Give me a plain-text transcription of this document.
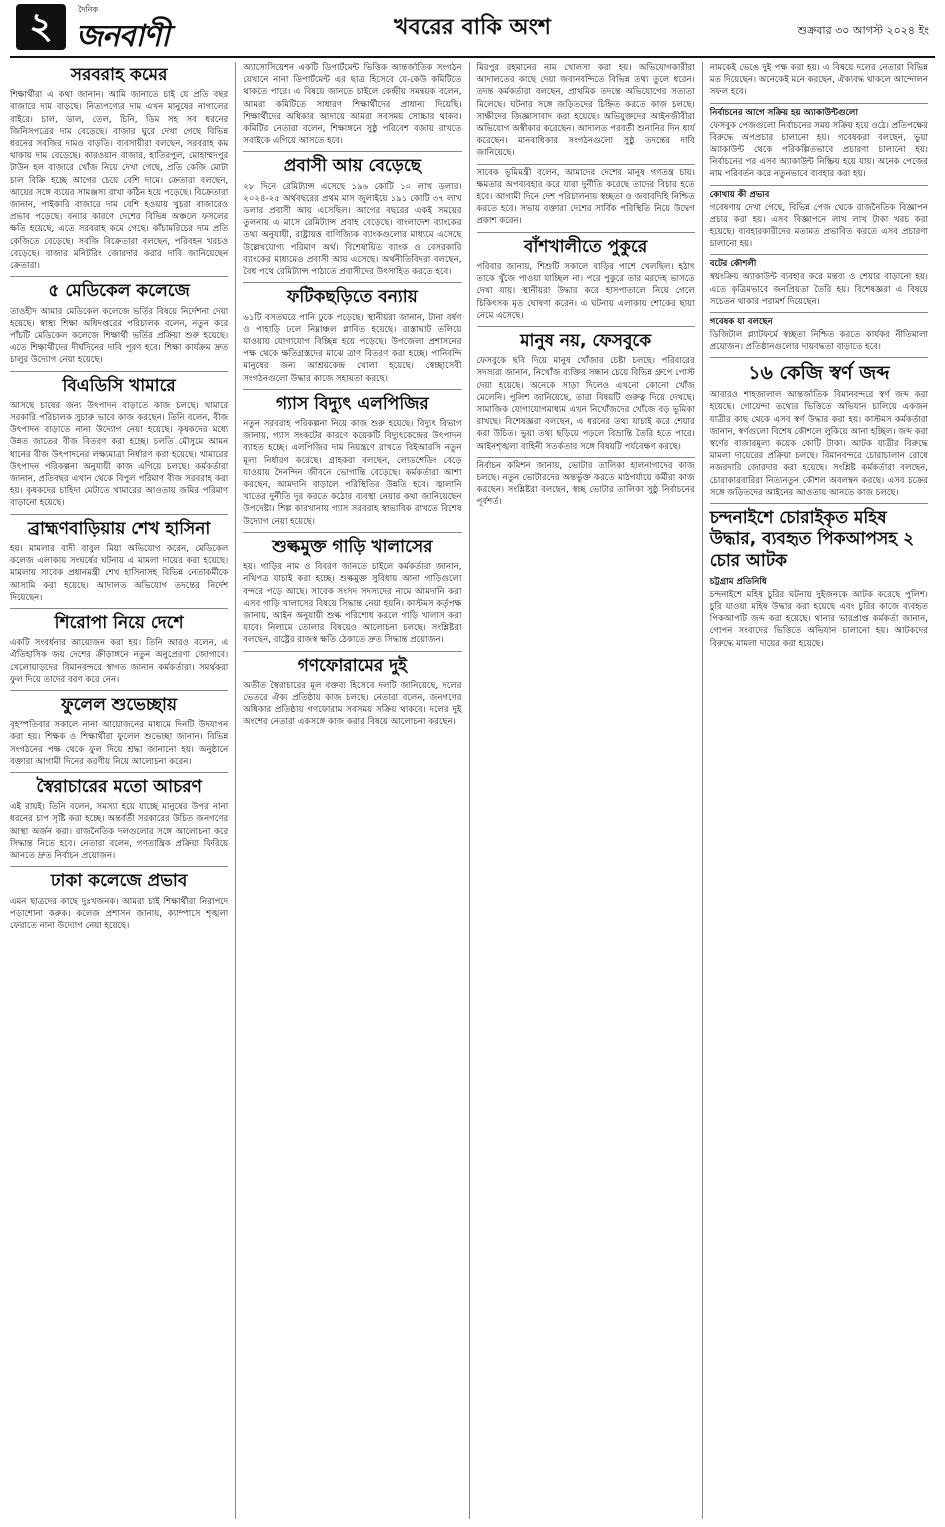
২	দৈনিক
জনবাণী	খবরের বাকি অংশ	শুক্রবার ৩০ আগস্ট ২০২৪ ইং
সরবরাহ কমের

শিক্ষার্থীরা এ কথা জানান। আমি জানাতে চাই যে প্রতি বছর বাজারে দাম বাড়ছে। নিত্যপণ্যের দাম এখন মানুষের নাগালের বাইরে। চাল, ডাল, তেল, চিনি, ডিম সহ সব ধরনের জিনিসপত্রের দাম বেড়েছে। বাজার ঘুরে দেখা গেছে বিভিন্ন ধরনের সবজির দামও বাড়তি। ব্যবসায়ীরা বলছেন, সরবরাহ কম থাকায় দাম বেড়েছে। কারওয়ান বাজার, হাতিরপুল, মোহাম্মদপুর টাউন হল বাজারে খোঁজ নিয়ে দেখা গেছে, প্রতি কেজি মোটা চাল বিক্রি হচ্ছে আগের চেয়ে বেশি দামে। ক্রেতারা বলছেন, আয়ের সঙ্গে ব্যয়ের সামঞ্জস্য রাখা কঠিন হয়ে পড়েছে। বিক্রেতারা জানান, পাইকারি বাজারে দাম বেশি হওয়ায় খুচরা বাজারেও প্রভাব পড়েছে। বন্যার কারণে দেশের বিভিন্ন অঞ্চলে ফসলের ক্ষতি হয়েছে, এতে সরবরাহ কমে গেছে। কাঁচামরিচের দাম প্রতি কেজিতে বেড়েছে। সবজি বিক্রেতারা বলছেন, পরিবহন খরচও বেড়েছে। বাজার মনিটরিং জোরদার করার দাবি জানিয়েছেন ক্রেতারা।

৫ মেডিকেল কলেজে

তাওহীদ আমার মেডিকেল কলেজে ভর্তির বিষয়ে নির্দেশনা দেয়া হয়েছে। স্বাস্থ্য শিক্ষা অধিদপ্তরের পরিচালক বলেন, নতুন করে পাঁচটি মেডিকেল কলেজে শিক্ষার্থী ভর্তির প্রক্রিয়া শুরু হয়েছে। এতে শিক্ষার্থীদের দীর্ঘদিনের দাবি পূরণ হবে। শিক্ষা কার্যক্রম দ্রুত চালুর উদ্যোগ নেয়া হয়েছে।

বিএডিসি খামারে

আসছে চাষের জন্য উৎপাদন বাড়াতে কাজ চলছে। খামারে সরকারি পরিচালক সুচারু ভাবে কাজ করছেন। তিনি বলেন, বীজ উৎপাদন বাড়াতে নানা উদ্যোগ নেয়া হয়েছে। কৃষকদের মধ্যে উন্নত জাতের বীজ বিতরণ করা হচ্ছে। চলতি মৌসুমে আমন ধানের বীজ উৎপাদনের লক্ষ্যমাত্রা নির্ধারণ করা হয়েছে। খামারের উৎপাদন পরিকল্পনা অনুযায়ী কাজ এগিয়ে চলছে। কর্মকর্তারা জানান, প্রতিবছর এখান থেকে বিপুল পরিমাণ বীজ সরবরাহ করা হয়। কৃষকদের চাহিদা মেটাতে খামারের আওতায় জমির পরিমাণ বাড়ানো হয়েছে।

ব্রাহ্মণবাড়িয়ায় শেখ হাসিনা

হয়। মামলার বাদী বাবুল মিয়া অভিযোগ করেন, মেডিকেল কলেজ এলাকায় সংঘর্ষের ঘটনায় এ মামলা দায়ের করা হয়েছে। মামলায় সাবেক প্রধানমন্ত্রী শেখ হাসিনাসহ বিভিন্ন নেতাকর্মীকে আসামি করা হয়েছে। আদালত অভিযোগ তদন্তের নির্দেশ দিয়েছেন।

শিরোপা নিয়ে দেশে

একটি সংবর্ধনার আয়োজন করা হয়। তিনি আরও বলেন, এ ঐতিহাসিক জয় দেশের ক্রীড়াঙ্গনে নতুন অনুপ্রেরণা জোগাবে। খেলোয়াড়দের বিমানবন্দরে স্বাগত জানান কর্মকর্তারা। সমর্থকরা ফুল দিয়ে তাদের বরণ করে নেন।

ফুলেল শুভেচ্ছায়

বৃহস্পতিবার সকালে নানা আয়োজনের মাধ্যমে দিনটি উদযাপন করা হয়। শিক্ষক ও শিক্ষার্থীরা ফুলেল শুভেচ্ছা জানান। বিভিন্ন সংগঠনের পক্ষ থেকে ফুল দিয়ে শ্রদ্ধা জানানো হয়। অনুষ্ঠানে বক্তারা আগামী দিনের করণীয় নিয়ে আলোচনা করেন।

স্বৈরাচারের মতো আচরণ

এই রায়ই। তিনি বলেন, সমস্যা হয়ে যাচ্ছে মানুষের উপর নানা ধরনের চাপ সৃষ্টি করা হচ্ছে। অন্তর্বর্তী সরকারের উচিত জনগণের আস্থা অর্জন করা। রাজনৈতিক দলগুলোর সঙ্গে আলোচনা করে সিদ্ধান্ত নিতে হবে। নেতারা বলেন, গণতান্ত্রিক প্রক্রিয়া ফিরিয়ে আনতে দ্রুত নির্বাচন প্রয়োজন।

ঢাকা কলেজে প্রভাব

এমন ছাত্রদের কাছে দুঃখজনক। আমরা চাই শিক্ষার্থীরা নিরাপদে পড়াশোনা করুক। কলেজ প্রশাসন জানায়, ক্যাম্পাসে শৃঙ্খলা ফেরাতে নানা উদ্যোগ নেয়া হয়েছে।

অ্যাসোসিয়েশন একটি ডিপার্টমেন্ট ভিত্তিক আন্তর্জাতিক সংগঠন যেখানে নানা ডিপার্টমেন্ট এর ছাত্র হিসেবে যে-কেউ কমিটিতে থাকতে পারে। এ বিষয়ে জানতে চাইলে কেন্দ্রীয় সমন্বয়ক বলেন, আমরা কমিটিতে সাধারণ শিক্ষার্থীদের প্রাধান্য দিয়েছি। শিক্ষার্থীদের অধিকার আদায়ে আমরা সবসময় সোচ্চার থাকব। কমিটির নেতারা বলেন, শিক্ষাঙ্গনে সুষ্ঠু পরিবেশ বজায় রাখতে সবাইকে এগিয়ে আসতে হবে।

প্রবাসী আয় বেড়েছে

২৮ দিনে রেমিট্যান্স এসেছে ১৯৬ কোটি ১০ লাখ ডলার। ২০২৪-২৫ অর্থবছরের প্রথম মাস জুলাইয়ে ১৯১ কোটি ৩৭ লাখ ডলার প্রবাসী আয় এসেছিল। আগের বছরের একই সময়ের তুলনায় এ মাসে রেমিট্যান্স প্রবাহ বেড়েছে। বাংলাদেশ ব্যাংকের তথ্য অনুযায়ী, রাষ্ট্রায়ত্ত বাণিজ্যিক ব্যাংকগুলোর মাধ্যমে এসেছে উল্লেখযোগ্য পরিমাণ অর্থ। বিশেষায়িত ব্যাংক ও বেসরকারি ব্যাংকের মাধ্যমেও প্রবাসী আয় এসেছে। অর্থনীতিবিদরা বলছেন, বৈধ পথে রেমিট্যান্স পাঠাতে প্রবাসীদের উৎসাহিত করতে হবে।

ফটিকছড়িতে বন্যায়

৬১টি বসতঘরে পানি ঢুকে পড়েছে। স্থানীয়রা জানান, টানা বর্ষণ ও পাহাড়ি ঢলে নিম্নাঞ্চল প্লাবিত হয়েছে। রাস্তাঘাট তলিয়ে যাওয়ায় যোগাযোগ বিচ্ছিন্ন হয়ে পড়েছে। উপজেলা প্রশাসনের পক্ষ থেকে ক্ষতিগ্রস্তদের মাঝে ত্রাণ বিতরণ করা হচ্ছে। পানিবন্দি মানুষের জন্য আশ্রয়কেন্দ্র খোলা হয়েছে। স্বেচ্ছাসেবী সংগঠনগুলো উদ্ধার কাজে সহায়তা করছে।

গ্যাস বিদ্যুৎ এলপিজির

নতুন সরবরাহ পরিকল্পনা নিয়ে কাজ শুরু হয়েছে। বিদ্যুৎ বিভাগ জানায়, গ্যাস সংকটের কারণে কয়েকটি বিদ্যুৎকেন্দ্রের উৎপাদন ব্যাহত হচ্ছে। এলপিজির দাম নিয়ন্ত্রণে রাখতে বিইআরসি নতুন মূল্য নির্ধারণ করেছে। গ্রাহকরা বলছেন, লোডশেডিং বেড়ে যাওয়ায় দৈনন্দিন জীবনে ভোগান্তি বেড়েছে। কর্মকর্তারা আশা করছেন, আমদানি বাড়ালে পরিস্থিতির উন্নতি হবে। জ্বালানি খাতের দুর্নীতি দূর করতে কঠোর ব্যবস্থা নেয়ার কথা জানিয়েছেন উপদেষ্টা। শিল্প কারখানায় গ্যাস সরবরাহ স্বাভাবিক রাখতে বিশেষ উদ্যোগ নেয়া হয়েছে।

শুল্কমুক্ত গাড়ি খালাসের

হয়। গাড়ির নাম ও বিবরণ জানতে চাইলে কর্মকর্তারা জানান, নথিপত্র যাচাই করা হচ্ছে। শুল্কমুক্ত সুবিধায় আনা গাড়িগুলো বন্দরে পড়ে আছে। সাবেক সংসদ সদস্যদের নামে আমদানি করা এসব গাড়ি খালাসের বিষয়ে সিদ্ধান্ত নেয়া হয়নি। কাস্টমস কর্তৃপক্ষ জানায়, আইন অনুযায়ী শুল্ক পরিশোধ করলে গাড়ি খালাস করা যাবে। নিলামে তোলার বিষয়েও আলোচনা চলছে। সংশ্লিষ্টরা বলছেন, রাষ্ট্রের রাজস্ব ক্ষতি ঠেকাতে দ্রুত সিদ্ধান্ত প্রয়োজন।

গণফোরামের দুই

অতীত স্বৈরাচারের মূল বক্তব্য হিসেবে দলটি জানিয়েছে, দলের ভেতরে ঐক্য প্রতিষ্ঠায় কাজ চলছে। নেতারা বলেন, জনগণের অধিকার প্রতিষ্ঠায় গণফোরাম সবসময় সক্রিয় থাকবে। দলের দুই অংশের নেতারা একসঙ্গে কাজ করার বিষয়ে আলোচনা করছেন।

মিরপুর রহমানের নাম খোলসা করা হয়। অভিযোগকারীরা আদালতের কাছে দেয়া জবানবন্দিতে বিভিন্ন তথ্য তুলে ধরেন। তদন্ত কর্মকর্তারা বলছেন, প্রাথমিক তদন্তে অভিযোগের সত্যতা মিলেছে। ঘটনার সঙ্গে জড়িতদের চিহ্নিত করতে কাজ চলছে। সাক্ষীদের জিজ্ঞাসাবাদ করা হয়েছে। অভিযুক্তদের আইনজীবীরা অভিযোগ অস্বীকার করেছেন। আদালত পরবর্তী শুনানির দিন ধার্য করেছেন। মানবাধিকার সংগঠনগুলো সুষ্ঠু তদন্তের দাবি জানিয়েছে।

সাবেক ভূমিমন্ত্রী বলেন, আমাদের দেশের মানুষ গণতন্ত্র চায়। ক্ষমতার অপব্যবহার করে যারা দুর্নীতি করেছে তাদের বিচার হতে হবে। আগামী দিনে দেশ পরিচালনায় স্বচ্ছতা ও জবাবদিহি নিশ্চিত করতে হবে। সভায় বক্তারা দেশের সার্বিক পরিস্থিতি নিয়ে উদ্বেগ প্রকাশ করেন।

বাঁশখালীতে পুকুরে

পরিবার জানায়, শিশুটি সকালে বাড়ির পাশে খেলছিল। হঠাৎ তাকে খুঁজে পাওয়া যাচ্ছিল না। পরে পুকুরে তার মরদেহ ভাসতে দেখা যায়। স্থানীয়রা উদ্ধার করে হাসপাতালে নিয়ে গেলে চিকিৎসক মৃত ঘোষণা করেন। এ ঘটনায় এলাকায় শোকের ছায়া নেমে এসেছে।

মানুষ নয়, ফেসবুকে

ফেসবুকে ছবি দিয়ে মানুষ খোঁজার চেষ্টা চলছে। পরিবারের সদস্যরা জানান, নিখোঁজ ব্যক্তির সন্ধান চেয়ে বিভিন্ন গ্রুপে পোস্ট দেয়া হয়েছে। অনেকে সাড়া দিলেও এখনো কোনো খোঁজ মেলেনি। পুলিশ জানিয়েছে, তারা বিষয়টি গুরুত্ব দিয়ে দেখছে। সামাজিক যোগাযোগমাধ্যম এখন নিখোঁজদের খোঁজে বড় ভূমিকা রাখছে। বিশেষজ্ঞরা বলছেন, এ ধরনের তথ্য যাচাই করে শেয়ার করা উচিত। ভুয়া তথ্য ছড়িয়ে পড়লে বিভ্রান্তি তৈরি হতে পারে। আইনশৃঙ্খলা বাহিনী সতর্কতার সঙ্গে বিষয়টি পর্যবেক্ষণ করছে।

নির্বাচন কমিশন জানায়, ভোটার তালিকা হালনাগাদের কাজ চলছে। নতুন ভোটারদের অন্তর্ভুক্ত করতে মাঠপর্যায়ে কর্মীরা কাজ করছেন। সংশ্লিষ্টরা বলছেন, স্বচ্ছ ভোটার তালিকা সুষ্ঠু নির্বাচনের পূর্বশর্ত।

নামকেই ভেঙে দুই পক্ষ করা হয়। এ বিষয়ে দলের নেতারা বিভিন্ন মত দিয়েছেন। অনেকেই মনে করছেন, ঐক্যবদ্ধ থাকলে আন্দোলন সফল হবে।

নির্বাচনের আগে সক্রিয় হয় অ্যাকাউন্টগুলো

ফেসবুক পেজগুলো নির্বাচনের সময় সক্রিয় হয়ে ওঠে। প্রতিপক্ষের বিরুদ্ধে অপপ্রচার চালানো হয়। গবেষকরা বলছেন, ভুয়া অ্যাকাউন্ট থেকে পরিকল্পিতভাবে প্রচারণা চালানো হয়। নির্বাচনের পর এসব অ্যাকাউন্ট নিষ্ক্রিয় হয়ে যায়। অনেক পেজের নাম পরিবর্তন করে নতুনভাবে ব্যবহার করা হয়।

কোথায় কী প্রভাব

গবেষণায় দেখা গেছে, বিভিন্ন পেজ থেকে রাজনৈতিক বিজ্ঞাপন প্রচার করা হয়। এসব বিজ্ঞাপনে লাখ লাখ টাকা খরচ করা হয়েছে। ব্যবহারকারীদের মতামত প্রভাবিত করতে এসব প্রচারণা চালানো হয়।

বটের কৌশলী

স্বয়ংক্রিয় অ্যাকাউন্ট ব্যবহার করে মন্তব্য ও শেয়ার বাড়ানো হয়। এতে কৃত্রিমভাবে জনপ্রিয়তা তৈরি হয়। বিশেষজ্ঞরা এ বিষয়ে সচেতন থাকার পরামর্শ দিয়েছেন।

গবেষক যা বলছেন

ডিজিটাল প্ল্যাটফর্মে স্বচ্ছতা নিশ্চিত করতে কার্যকর নীতিমালা প্রয়োজন। প্রতিষ্ঠানগুলোর দায়বদ্ধতা বাড়াতে হবে।

১৬ কেজি স্বর্ণ জব্দ

আবারও শাহজালাল আন্তর্জাতিক বিমানবন্দরে স্বর্ণ জব্দ করা হয়েছে। গোয়েন্দা তথ্যের ভিত্তিতে অভিযান চালিয়ে একজন যাত্রীর কাছ থেকে এসব স্বর্ণ উদ্ধার করা হয়। কাস্টমস কর্মকর্তারা জানান, স্বর্ণগুলো বিশেষ কৌশলে লুকিয়ে আনা হচ্ছিল। জব্দ করা স্বর্ণের বাজারমূল্য কয়েক কোটি টাকা। আটক যাত্রীর বিরুদ্ধে মামলা দায়েরের প্রক্রিয়া চলছে। বিমানবন্দরে চোরাচালান রোধে নজরদারি জোরদার করা হয়েছে। সংশ্লিষ্ট কর্মকর্তারা বলছেন, চোরাকারবারিরা নিত্যনতুন কৌশল অবলম্বন করছে। এসব চক্রের সঙ্গে জড়িতদের আইনের আওতায় আনতে কাজ চলছে।

চন্দনাইশে চোরাইকৃত মহিষ উদ্ধার, ব্যবহৃত পিকআপসহ ২ চোর আটক
চট্টগ্রাম প্রতিনিধি

চন্দনাইশে মহিষ চুরির ঘটনায় দুইজনকে আটক করেছে পুলিশ। চুরি যাওয়া মহিষ উদ্ধার করা হয়েছে এবং চুরির কাজে ব্যবহৃত পিকআপটি জব্দ করা হয়েছে। থানার ভারপ্রাপ্ত কর্মকর্তা জানান, গোপন সংবাদের ভিত্তিতে অভিযান চালানো হয়। আটকদের বিরুদ্ধে মামলা দায়ের করা হয়েছে।
